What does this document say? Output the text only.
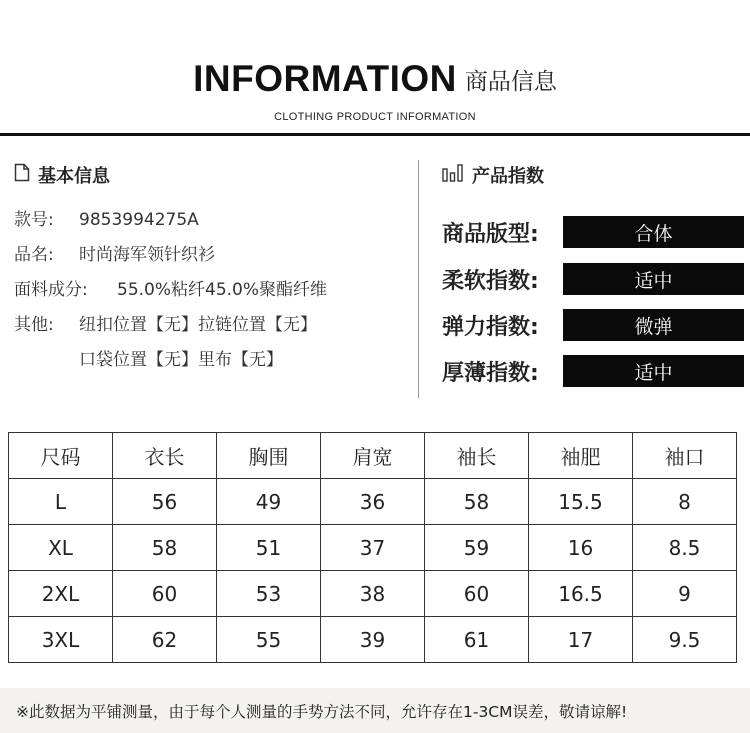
INFORMATION 商品信息
CLOTHING PRODUCT INFORMATION
基本信息
款号: 9853994275A
品名: 时尚海军领针织衫
面料成分: 55.0%粘纤45.0%聚酯纤维
其他: 纽扣位置【无】拉链位置【无】
口袋位置【无】里布【无】
产品指数
商品版型:	合体
柔软指数:	适中
弹力指数:	微弹
厚薄指数:	适中
尺码	衣长	胸围	肩宽	袖长	袖肥	袖口
L	56	49	36	58	15.5	8
XL	58	51	37	59	16	8.5
2XL	60	53	38	60	16.5	9
3XL	62	55	39	61	17	9.5
※此数据为平铺测量，由于每个人测量的手势方法不同，允许存在1-3CM误差，敬请谅解!
